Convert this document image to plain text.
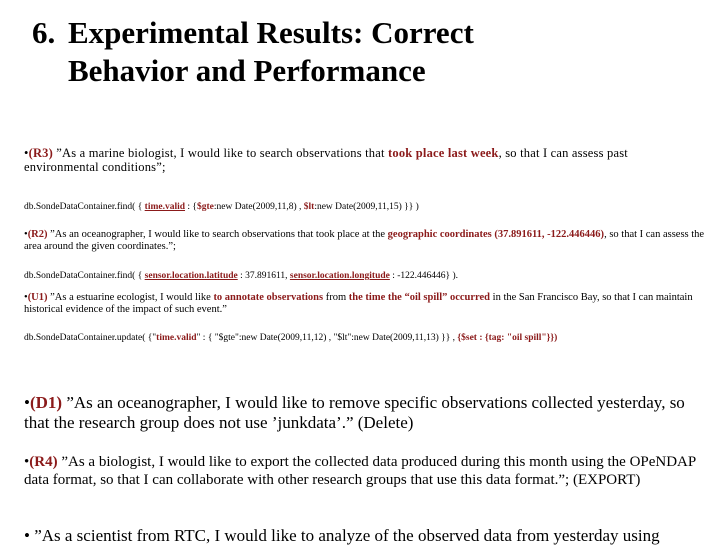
6. Experimental Results: Correct
Behavior and Performance
•(R3) ”As a marine biologist, I would like to search observations that took place last week, so that I can assess past environmental conditions”;
db.SondeDataContainer.find( { time.valid : {$gte:new Date(2009,11,8) , $lt:new Date(2009,11,15) }} )
•(R2) ”As an oceanographer, I would like to search observations that took place at the geographic coordinates (37.891611, -122.446446), so that I can assess the area around the given coordinates.”;
db.SondeDataContainer.find( { sensor.location.latitude : 37.891611, sensor.location.longitude : -122.446446} ).
•(U1) ”As a estuarine ecologist, I would like to annotate observations from the time the “oil spill” occurred in the San Francisco Bay, so that I can maintain historical evidence of the impact of such event.”
db.SondeDataContainer.update( {"time.valid" : { "$gte":new Date(2009,11,12) , "$lt":new Date(2009,11,13) }} , {$set : {tag: "oil spill"}})
•(D1) ”As an oceanographer, I would like to remove specific observations collected yesterday, so that the research group does not use ’junkdata’.” (Delete)
•(R4) ”As a biologist, I would like to export the collected data produced during this month using the OPeNDAP data format, so that I can collaborate with other research groups that use this data format.”; (EXPORT)
• ”As a scientist from RTC, I would like to analyze of the observed data from yesterday using
